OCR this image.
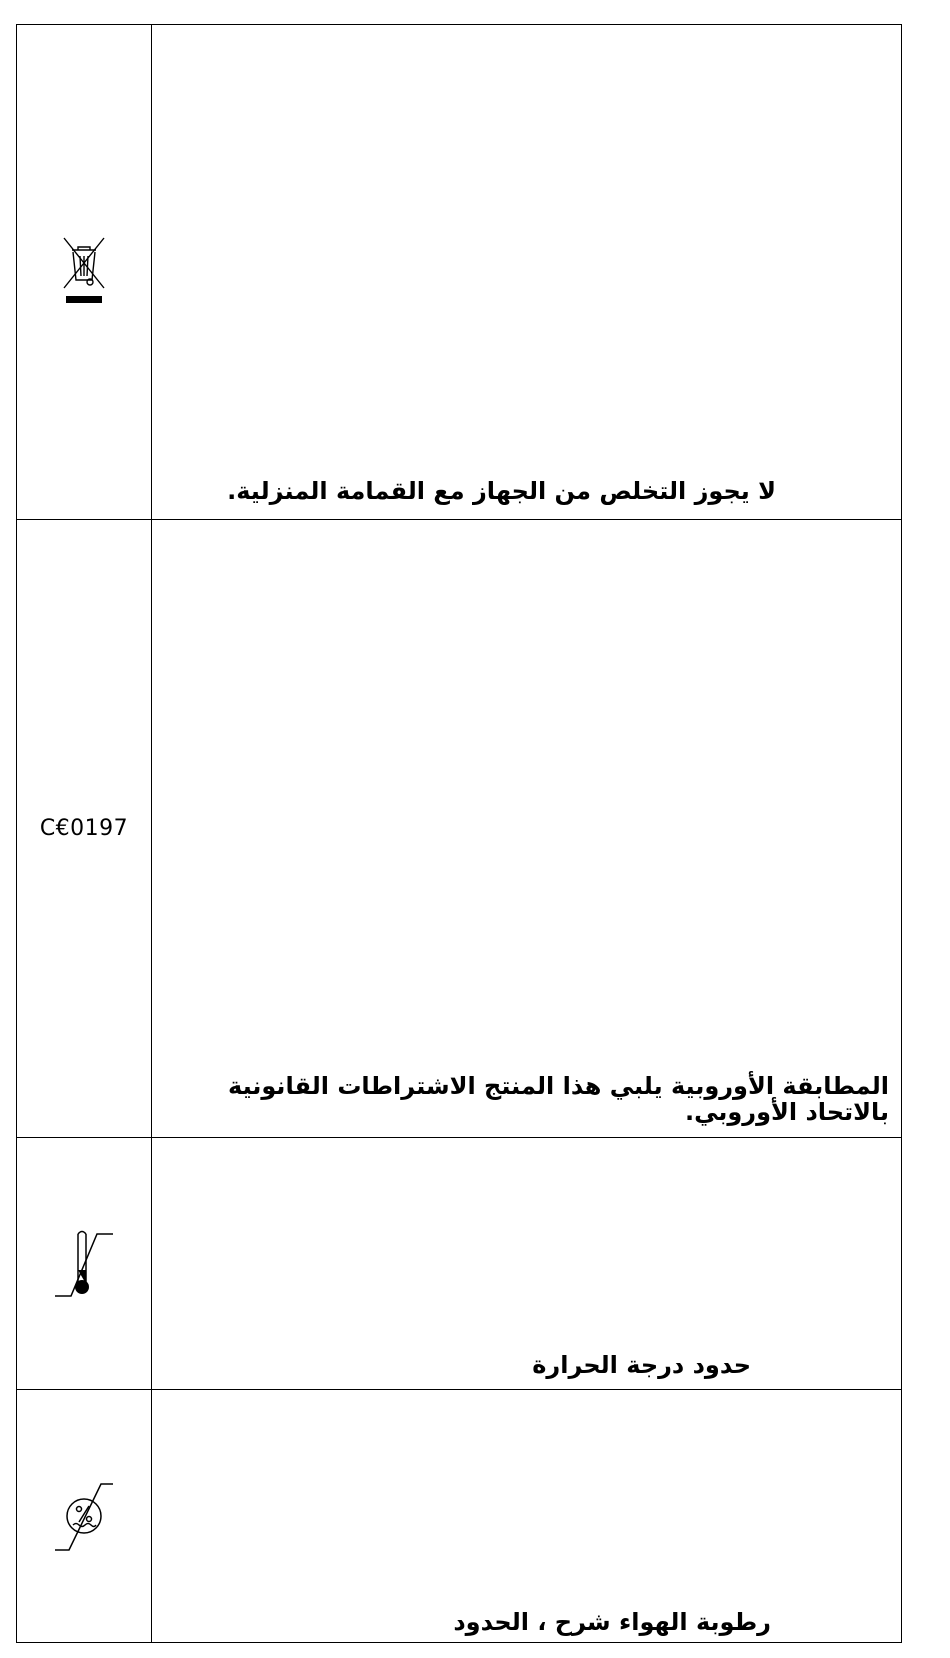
لا يجوز التخلص من الجهاز مع القمامة المنزلية.

C€0197	المطابقة الأوروبية يلبي هذا المنتج الاشتراطات القانونية بالاتحاد الأوروبي.

حدود درجة الحرارة

رطوبة الهواء شرح ، الحدود
